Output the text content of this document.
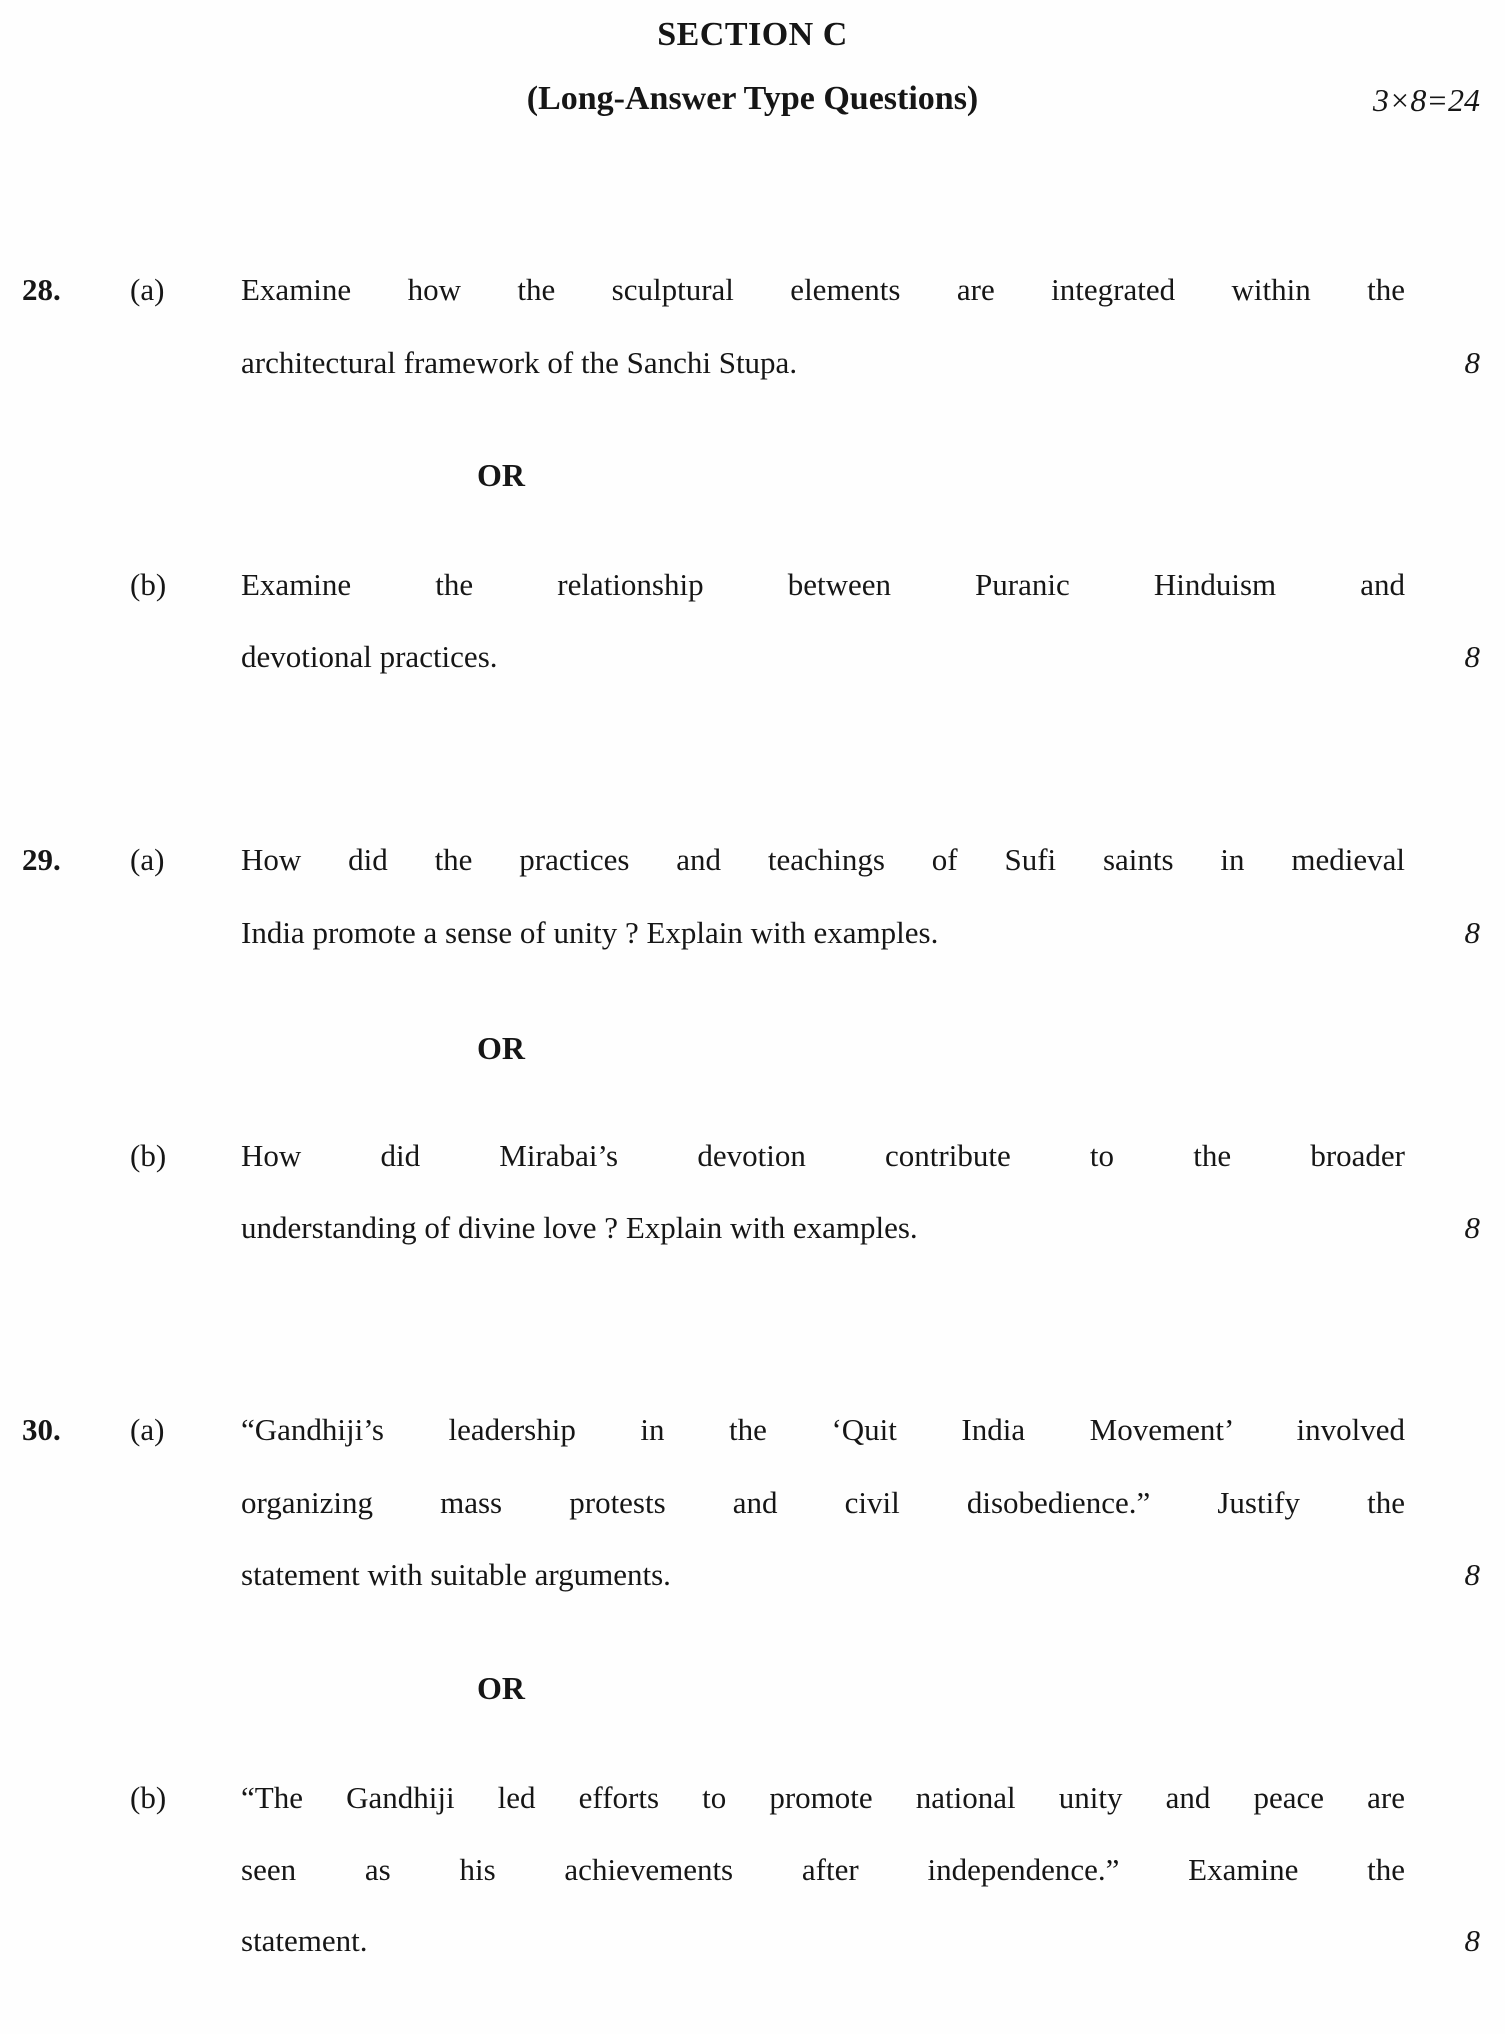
SECTION C
(Long-Answer Type Questions)	3×8=24
28. (a) Examine how the sculptural elements are integrated within the
architectural framework of the Sanchi Stupa.	8
OR
(b) Examine the relationship between Puranic Hinduism and
devotional practices.	8
29. (a) How did the practices and teachings of Sufi saints in medieval
India promote a sense of unity ? Explain with examples.	8
OR
(b) How did Mirabai’s devotion contribute to the broader
understanding of divine love ? Explain with examples.	8
30. (a) “Gandhiji’s leadership in the ‘Quit India Movement’ involved
organizing mass protests and civil disobedience.” Justify the
statement with suitable arguments.	8
OR
(b) “The Gandhiji led efforts to promote national unity and peace are
seen as his achievements after independence.” Examine the
statement.	8
